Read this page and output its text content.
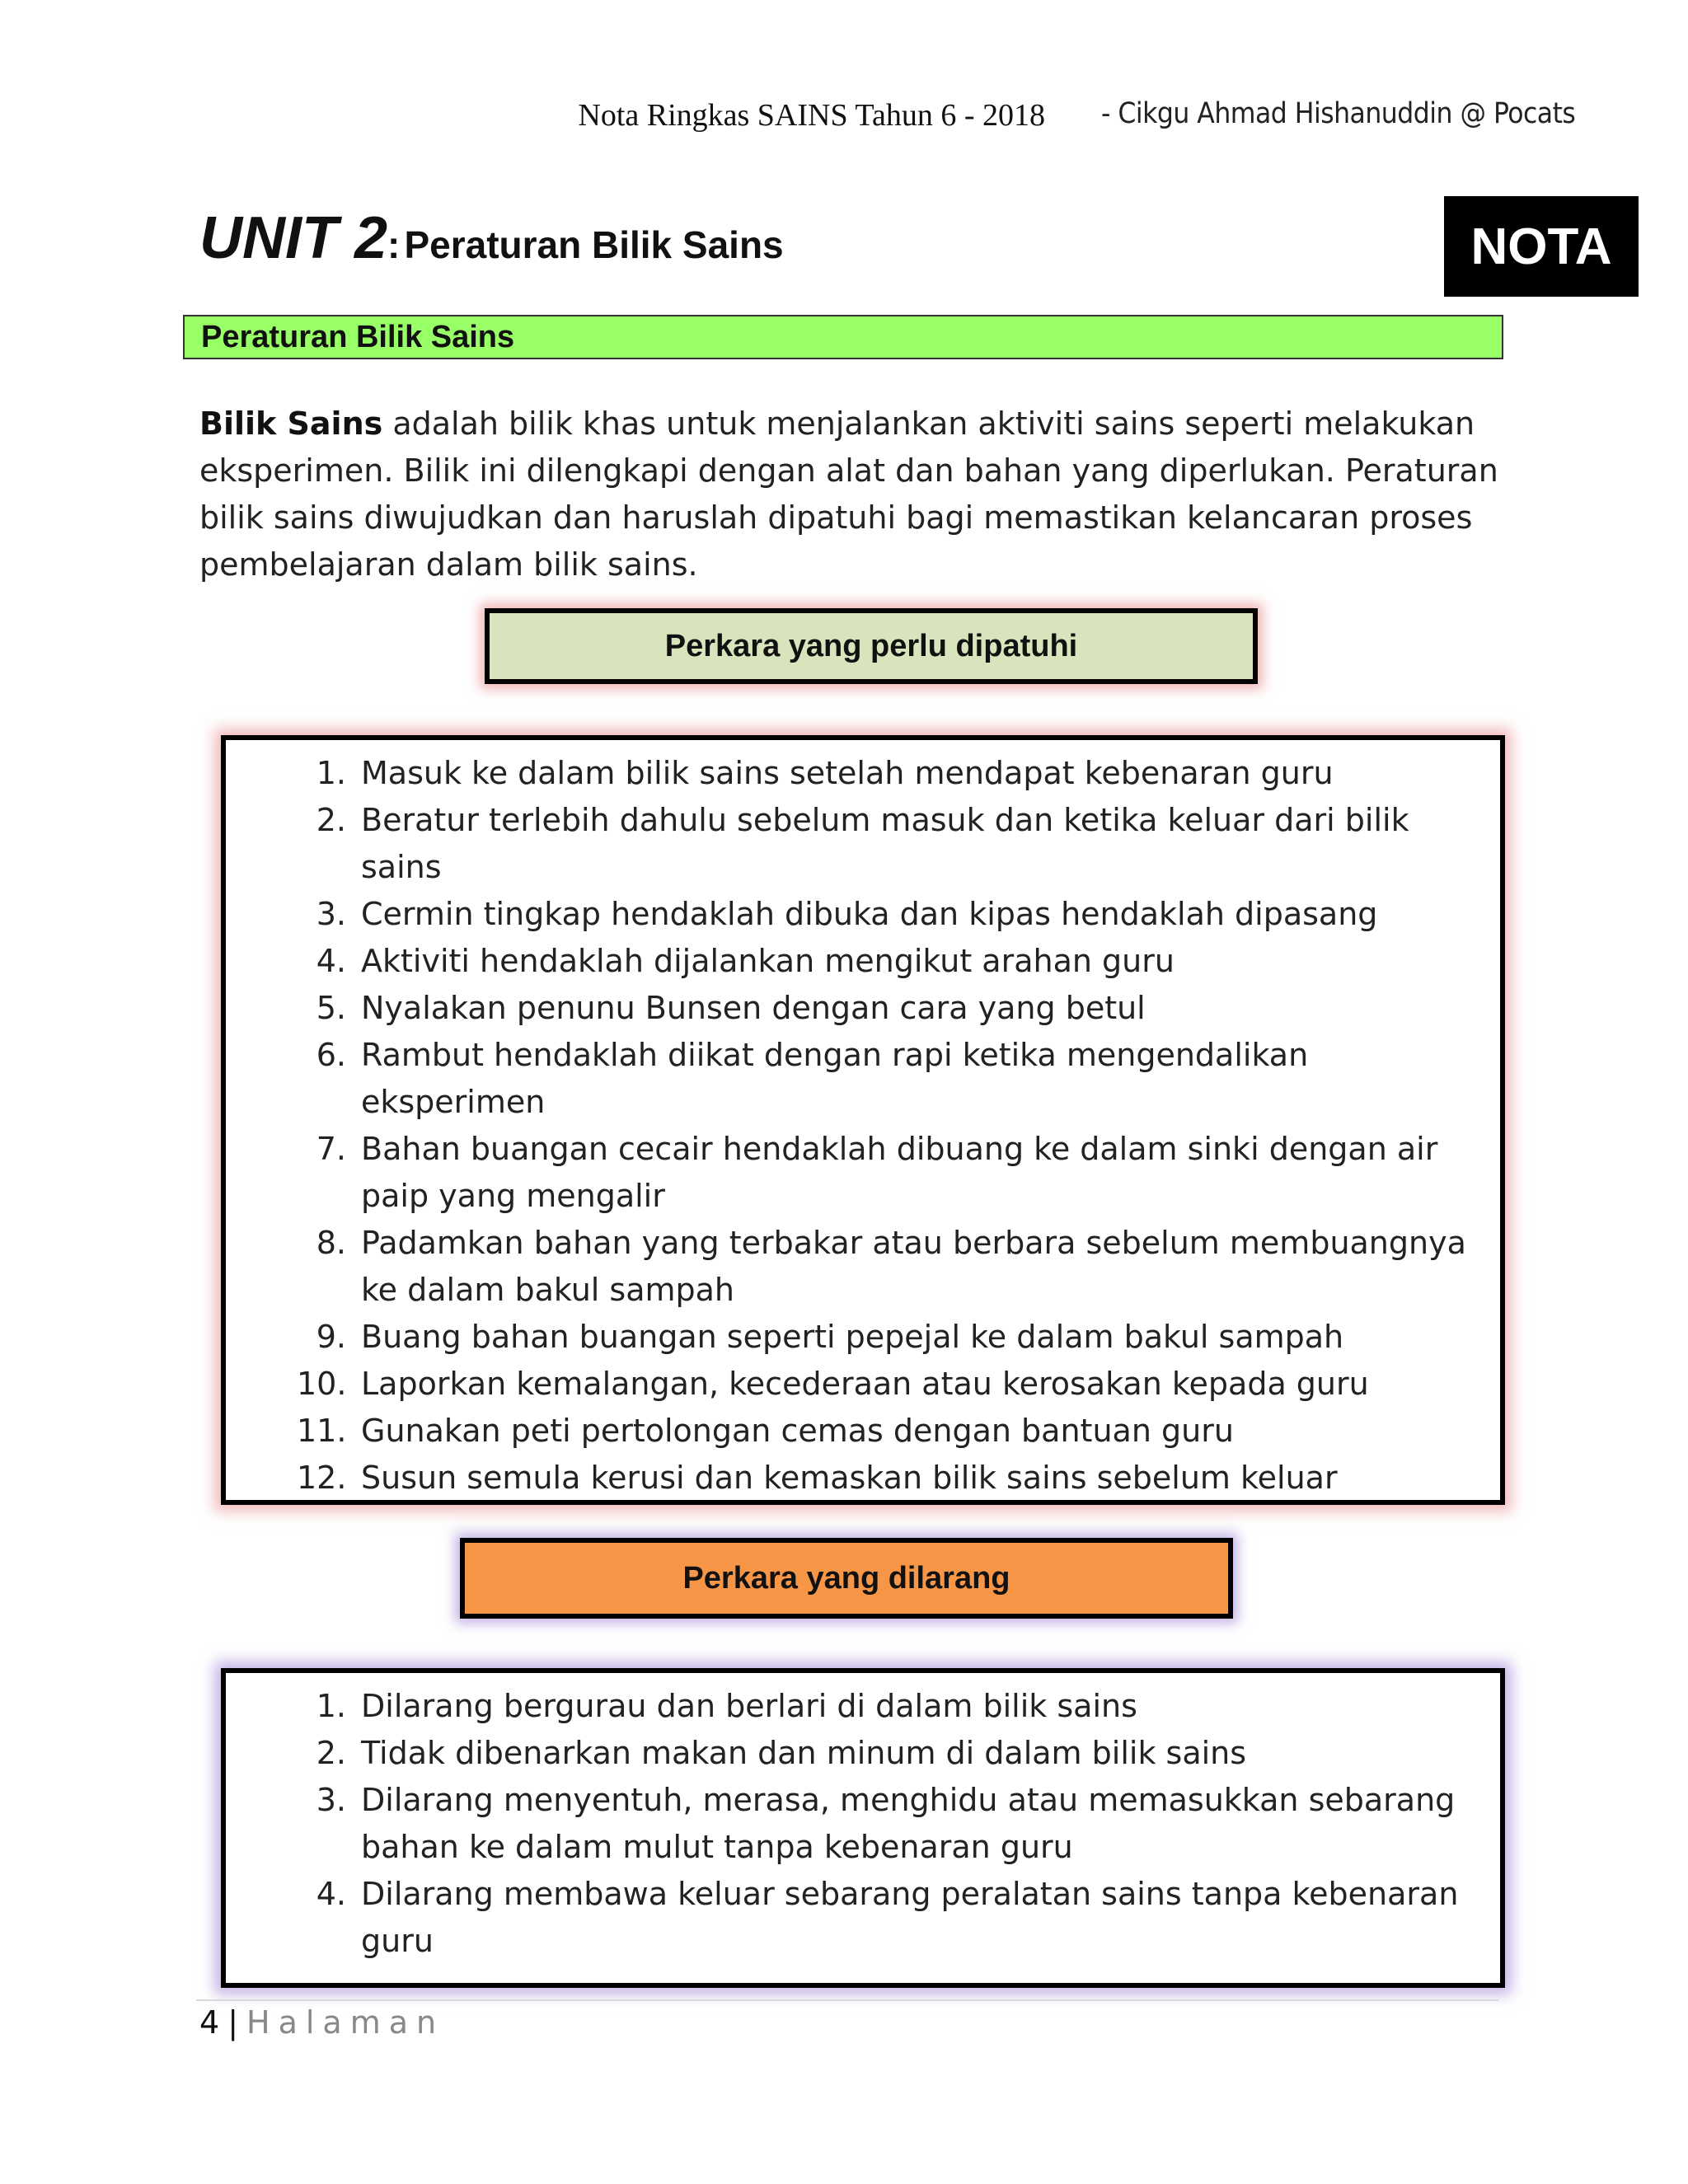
Nota Ringkas SAINS Tahun 6 - 2018 - Cikgu Ahmad Hishanuddin @ Pocats
UNIT 2: Peraturan Bilik Sains	NOTA
Peraturan Bilik Sains
Bilik Sains adalah bilik khas untuk menjalankan aktiviti sains seperti melakukan eksperimen. Bilik ini dilengkapi dengan alat dan bahan yang diperlukan. Peraturan bilik sains diwujudkan dan haruslah dipatuhi bagi memastikan kelancaran proses pembelajaran dalam bilik sains.
Perkara yang perlu dipatuhi
1. Masuk ke dalam bilik sains setelah mendapat kebenaran guru
2. Beratur terlebih dahulu sebelum masuk dan ketika keluar dari bilik sains
3. Cermin tingkap hendaklah dibuka dan kipas hendaklah dipasang
4. Aktiviti hendaklah dijalankan mengikut arahan guru
5. Nyalakan penunu Bunsen dengan cara yang betul
6. Rambut hendaklah diikat dengan rapi ketika mengendalikan eksperimen
7. Bahan buangan cecair hendaklah dibuang ke dalam sinki dengan air paip yang mengalir
8. Padamkan bahan yang terbakar atau berbara sebelum membuangnya ke dalam bakul sampah
9. Buang bahan buangan seperti pepejal ke dalam bakul sampah
10. Laporkan kemalangan, kecederaan atau kerosakan kepada guru
11. Gunakan peti pertolongan cemas dengan bantuan guru
12. Susun semula kerusi dan kemaskan bilik sains sebelum keluar
Perkara yang dilarang
1. Dilarang bergurau dan berlari di dalam bilik sains
2. Tidak dibenarkan makan dan minum di dalam bilik sains
3. Dilarang menyentuh, merasa, menghidu atau memasukkan sebarang bahan ke dalam mulut tanpa kebenaran guru
4. Dilarang membawa keluar sebarang peralatan sains tanpa kebenaran guru
4 | Halaman
